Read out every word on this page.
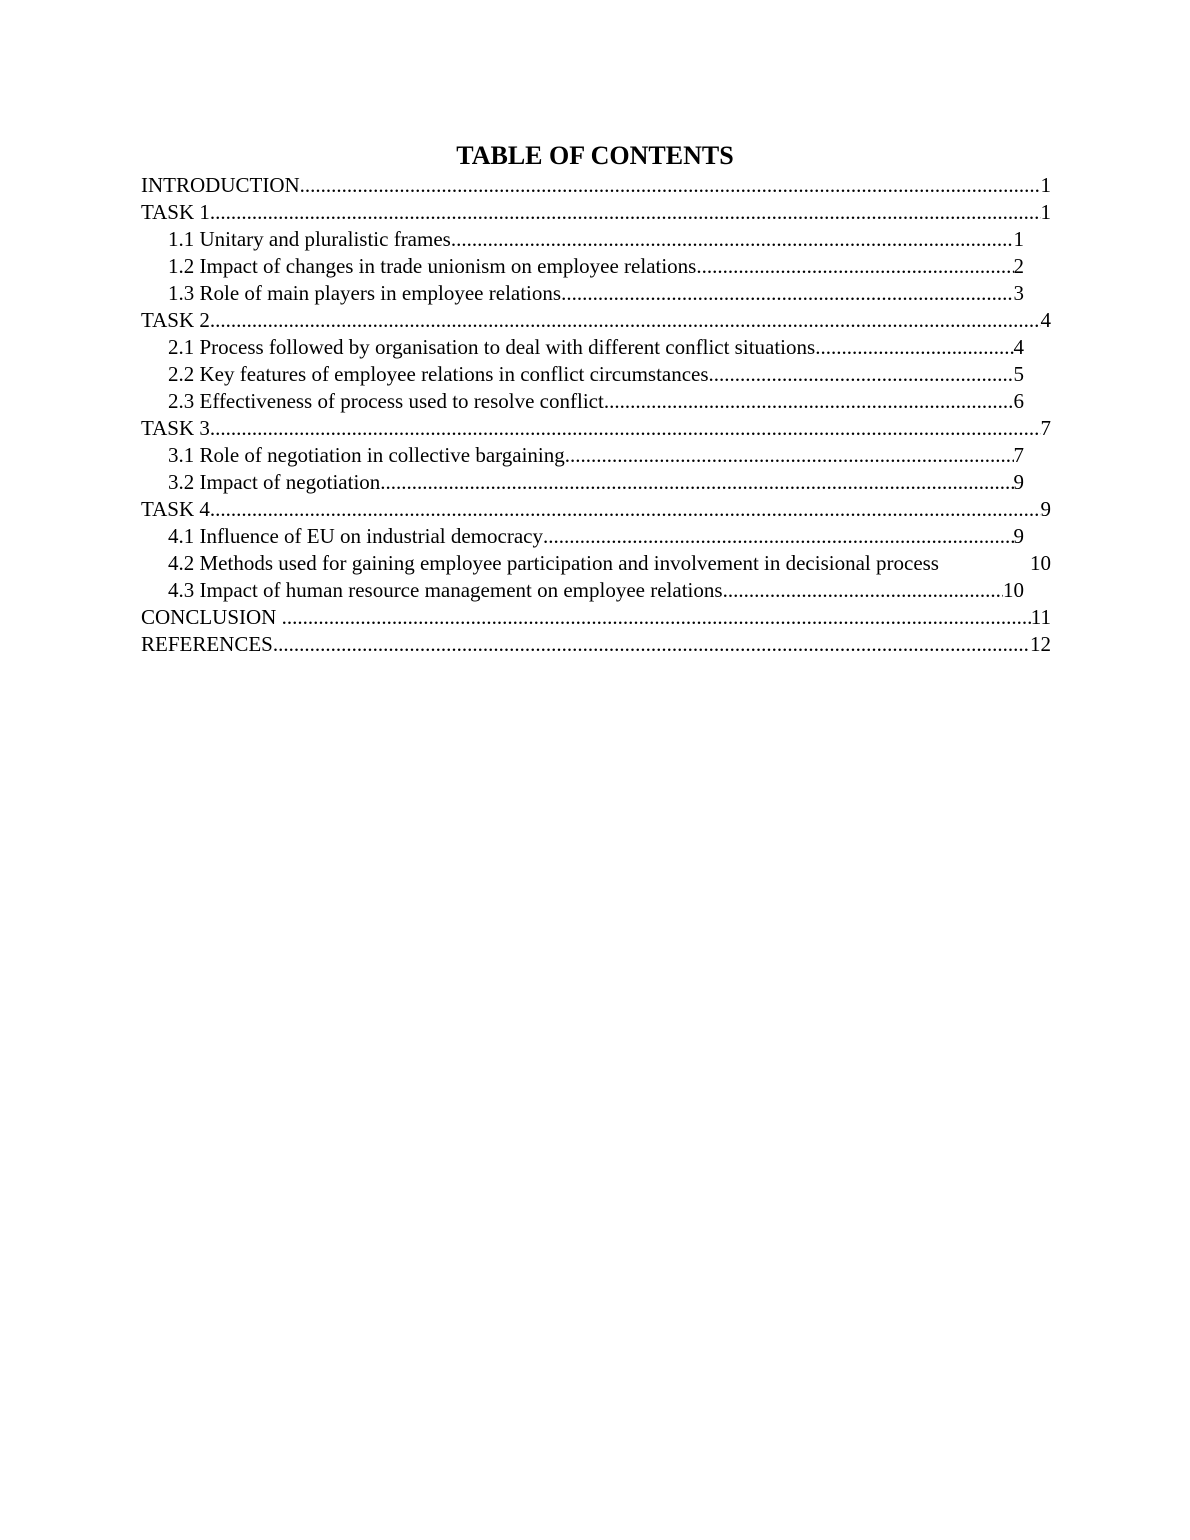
TABLE OF CONTENTS
INTRODUCTION .....	1
TASK 1 .....	1
1.1 Unitary and pluralistic frames .....	1
1.2 Impact of changes in trade unionism on employee relations .....	2
1.3 Role of main players in employee relations .....	3
TASK 2 .....	4
2.1 Process followed by organisation to deal with different conflict situations .....	4
2.2 Key features of employee relations in conflict circumstances .....	5
2.3 Effectiveness of process used to resolve conflict .....	6
TASK 3 .....	7
3.1 Role of negotiation in collective bargaining .....	7
3.2 Impact of negotiation .....	9
TASK 4 .....	9
4.1 Influence of EU on industrial democracy .....	9
4.2 Methods used for gaining employee participation and involvement in decisional process	10
4.3 Impact of human resource management on employee relations .....	10
CONCLUSION .....	11
REFERENCES .....	12
